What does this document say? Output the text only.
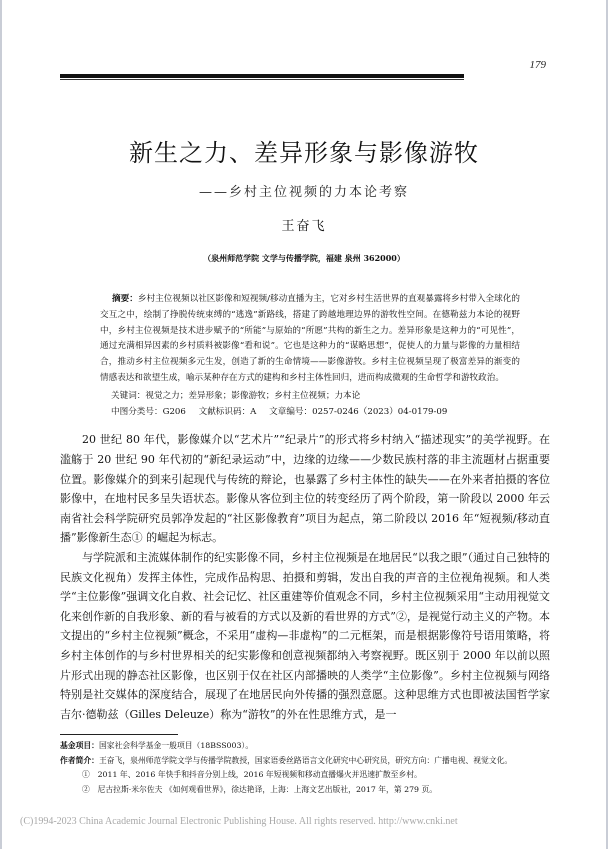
179
新生之力、差异形象与影像游牧
——乡村主位视频的力本论考察
王奋飞
（泉州师范学院 文学与传播学院，福建 泉州 362000）
摘要：乡村主位视频以社区影像和短视频/移动直播为主，它对乡村生活世界的直观暴露将乡村带入全球化的交互之中，绘制了挣脱传统束缚的“逃逸”新路线，搭建了跨越地理边界的游牧性空间。在德勒兹力本论的视野中，乡村主位视频是技术进步赋予的“所能”与原始的“所愿”共构的新生之力。差异形象是这种力的“可见性”，通过充满相异因素的乡村质料被影像“看和说”。它也是这种力的“谋略思想”，促使人的力量与影像的力量相结合，推动乡村主位视频多元生发，创造了新的生命情境——影像游牧。乡村主位视频呈现了极富差异的渐变的情感表达和欲望生成，喻示某种存在方式的建构和乡村主体性回归，进而构成微观的生命哲学和游牧政治。
关键词：视觉之力；差异形象；影像游牧；乡村主位视频；力本论
中图分类号：G206 文献标识码：A 文章编号：0257-0246（2023）04-0179-09

20 世纪 80 年代，影像媒介以“艺术片”“纪录片”的形式将乡村纳入“描述现实”的美学视野。在滥觞于 20 世纪 90 年代初的“新纪录运动”中，边缘的边缘——少数民族村落的非主流题材占据重要位置。影像媒介的到来引起现代与传统的辩论，也暴露了乡村主体性的缺失——在外来者拍摄的客位影像中，在地村民多呈失语状态。影像从客位到主位的转变经历了两个阶段，第一阶段以 2000 年云南省社会科学院研究员郭净发起的“社区影像教育”项目为起点，第二阶段以 2016 年“短视频/移动直播”影像新生态① 的崛起为标志。

与学院派和主流媒体制作的纪实影像不同，乡村主位视频是在地居民“以我之眼”（通过自己独特的民族文化视角）发挥主体性，完成作品构思、拍摄和剪辑，发出自我的声音的主位视角视频。和人类学“主位影像”强调文化自救、社会记忆、社区重建等价值观念不同，乡村主位视频采用“主动用视觉文化来创作新的自我形象、新的看与被看的方式以及新的看世界的方式”②，是视觉行动主义的产物。本文提出的“乡村主位视频”概念，不采用“虚构—非虚构”的二元框架，而是根据影像符号语用策略，将乡村主体创作的与乡村世界相关的纪实影像和创意视频都纳入考察视野。既区别于 2000 年以前以照片形式出现的静态社区影像，也区别于仅在社区内部播映的人类学“主位影像”。乡村主位视频与网络特别是社交媒体的深度结合，展现了在地居民向外传播的强烈意愿。这种思维方式也即被法国哲学家吉尔·德勒兹（Gilles Deleuze）称为“游牧”的外在性思维方式，是一

基金项目：国家社会科学基金一般项目（18BSS003）。
作者简介：王奋飞，泉州师范学院文学与传播学院教授，国家语委丝路语言文化研究中心研究员，研究方向：广播电视、视觉文化。
①　2011 年、2016 年快手和抖音分别上线，2016 年短视频和移动直播爆火并迅速扩散至乡村。
②　尼古拉斯·米尔佐夫 《如何观看世界》，徐达艳译，上海：上海文艺出版社，2017 年，第 279 页。
(C)1994-2023 China Academic Journal Electronic Publishing House. All rights reserved. http://www.cnki.net
